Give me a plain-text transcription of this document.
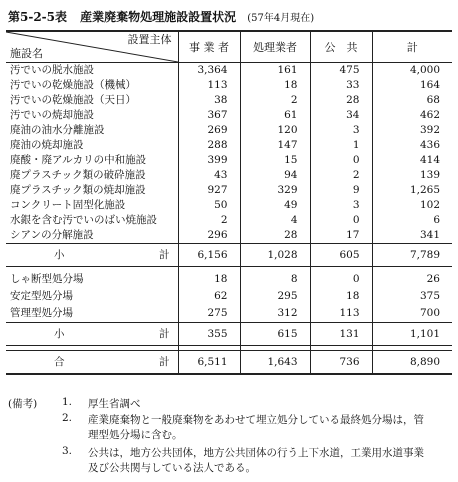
第5-2-5表 産業廃棄物処理施設設置状況 (57年4月現在)
設置主体
施設名	事 業 者	処理業者	公　共	計
汚でいの脱水施設	3,364	161	475	4,000
汚でいの乾燥施設（機械）	113	18	33	164
汚でいの乾燥施設（天日）	38	2	28	68
汚でいの焼却施設	367	61	34	462
廃油の油水分離施設	269	120	3	392
廃油の焼却施設	288	147	1	436
廃酸・廃アルカリの中和施設	399	15	0	414
廃プラスチック類の破砕施設	43	94	2	139
廃プラスチック類の焼却施設	927	329	9	1,265
コンクリート固型化施設	50	49	3	102
水銀を含む汚でいのばい焼施設	2	4	0	6
シアンの分解施設	296	28	17	341

小 計	6,156	1,028	605	7,789

しゃ断型処分場	18	8	0	26
安定型処分場	62	295	18	375
管理型処分場	275	312	113	700

小 計	355	615	131	1,101

合 計	6,511	1,643	736	8,890
(備考) 1. 厚生省調べ
2. 産業廃棄物と一般廃棄物をあわせて埋立処分している最終処分場は，管
理型処分場に含む。
3. 公共は，地方公共団体，地方公共団体の行う上下水道，工業用水道事業
及び公共関与している法人である。
